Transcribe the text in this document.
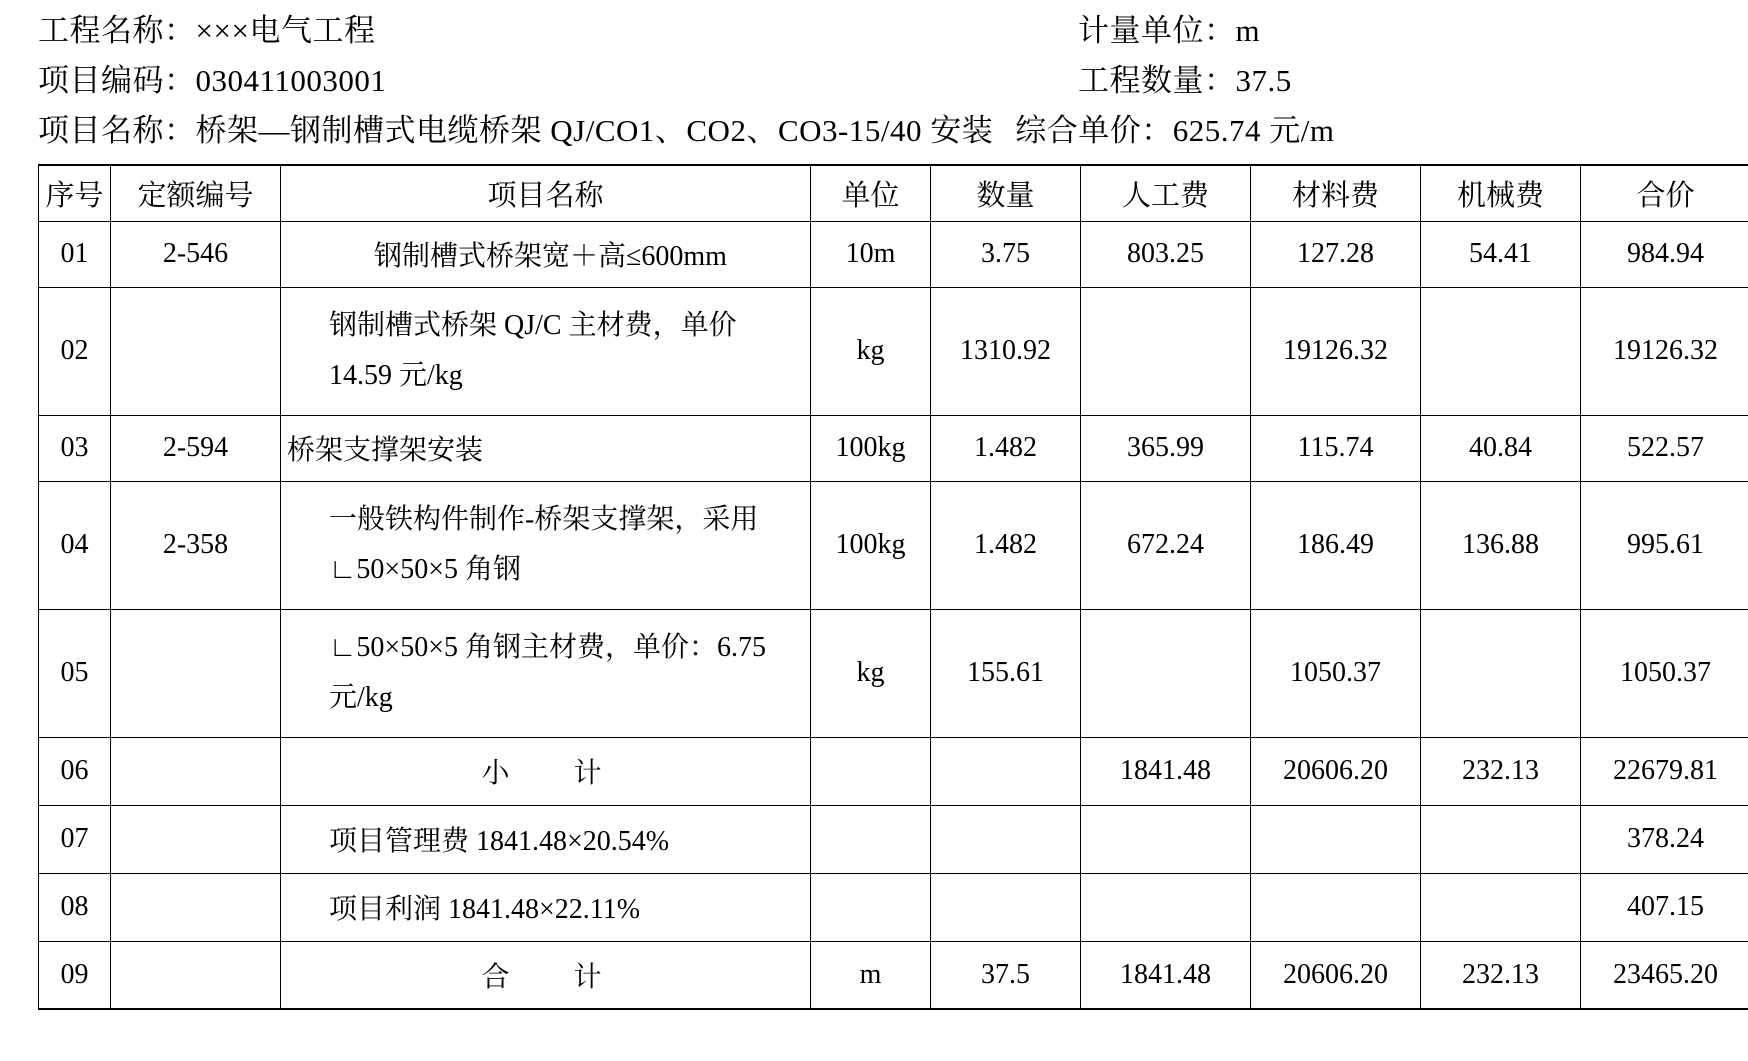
工程名称： ×××电气工程	计量单位： m
项目编码： 030411003001	工程数量： 37.5
项目名称： 桥架—钢制槽式电缆桥架 QJ/CO1、CO2、CO3-15/40 安装 综合单价： 625.74 元/m
序号	定额编号	项目名称	单位	数量	人工费	材料费	机械费	合价
01	2-546	钢制槽式桥架宽＋高≤600mm	10m	3.75	803.25	127.28	54.41	984.94
02		钢制槽式桥架 QJ/C 主材费，单价 14.59 元/kg	kg	1310.92		19126.32		19126.32
03	2-594	桥架支撑架安装	100kg	1.482	365.99	115.74	40.84	522.57
04	2-358	一般铁构件制作-桥架支撑架，采用 ∟50×50×5 角钢	100kg	1.482	672.24	186.49	136.88	995.61
05		∟50×50×5 角钢主材费，单价：6.75 元/kg	kg	155.61		1050.37		1050.37
06		小　计			1841.48	20606.20	232.13	22679.81
07		项目管理费 1841.48×20.54%						378.24
08		项目利润 1841.48×22.11%						407.15
09		合　计	m	37.5	1841.48	20606.20	232.13	23465.20
